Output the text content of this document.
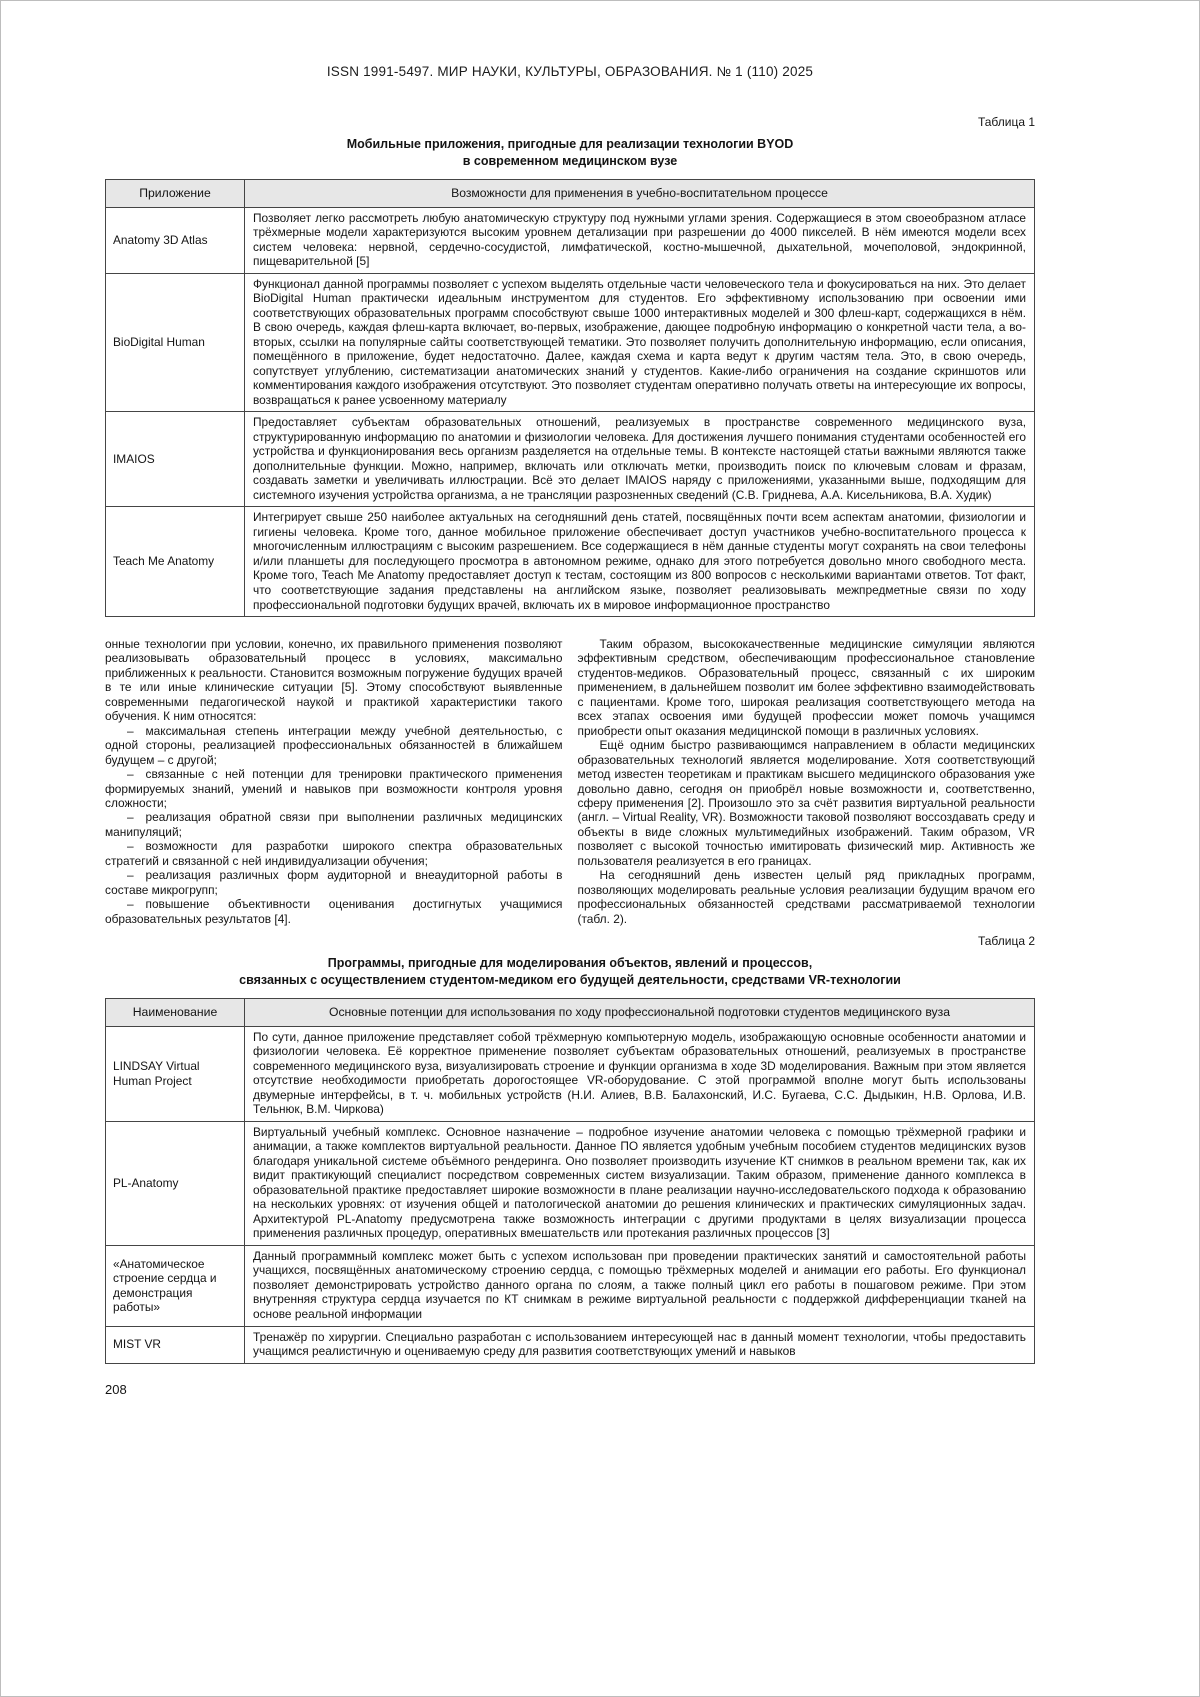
ISSN 1991-5497. МИР НАУКИ, КУЛЬТУРЫ, ОБРАЗОВАНИЯ. № 1 (110) 2025
Таблица 1
Мобильные приложения, пригодные для реализации технологии BYOD
в современном медицинском вузе
Приложение	Возможности для применения в учебно-воспитательном процессе
Anatomy 3D Atlas	Позволяет легко рассмотреть любую анатомическую структуру под нужными углами зрения. Содержащиеся в этом своеобразном атласе трёхмерные модели характеризуются высоким уровнем детализации при разрешении до 4000 пикселей. В нём имеются модели всех систем человека: нервной, сердечно-сосудистой, лимфатической, костно-мышечной, дыхательной, мочеполовой, эндокринной, пищеварительной [5]
BioDigital Human	Функционал данной программы позволяет с успехом выделять отдельные части человеческого тела и фокусироваться на них. Это делает BioDigital Human практически идеальным инструментом для студентов. Его эффективному использованию при освоении ими соответствующих образовательных программ способствуют свыше 1000 интерактивных моделей и 300 флеш-карт, содержащихся в нём. В свою очередь, каждая флеш-карта включает, во-первых, изображение, дающее подробную информацию о конкретной части тела, а во-вторых, ссылки на популярные сайты соответствующей тематики. Это позволяет получить дополнительную информацию, если описания, помещённого в приложение, будет недостаточно. Далее, каждая схема и карта ведут к другим частям тела. Это, в свою очередь, сопутствует углублению, систематизации анатомических знаний у студентов. Какие-либо ограничения на создание скриншотов или комментирования каждого изображения отсутствуют. Это позволяет студентам оперативно получать ответы на интересующие их вопросы, возвращаться к ранее усвоенному материалу
IMAIOS	Предоставляет субъектам образовательных отношений, реализуемых в пространстве современного медицинского вуза, структурированную информацию по анатомии и физиологии человека. Для достижения лучшего понимания студентами особенностей его устройства и функционирования весь организм разделяется на отдельные темы. В контексте настоящей статьи важными являются также дополнительные функции. Можно, например, включать или отключать метки, производить поиск по ключевым словам и фразам, создавать заметки и увеличивать иллюстрации. Всё это делает IMAIOS наряду с приложениями, указанными выше, подходящим для системного изучения устройства организма, а не трансляции разрозненных сведений (С.В. Гриднева, А.А. Кисельникова, В.А. Худик)
Teach Me Anatomy	Интегрирует свыше 250 наиболее актуальных на сегодняшний день статей, посвящённых почти всем аспектам анатомии, физиологии и гигиены человека. Кроме того, данное мобильное приложение обеспечивает доступ участников учебно-воспитательного процесса к многочисленным иллюстрациям с высоким разрешением. Все содержащиеся в нём данные студенты могут сохранять на свои телефоны и/или планшеты для последующего просмотра в автономном режиме, однако для этого потребуется довольно много свободного места. Кроме того, Teach Me Anatomy предоставляет доступ к тестам, состоящим из 800 вопросов с несколькими вариантами ответов. Тот факт, что соответствующие задания представлены на английском языке, позволяет реализовывать межпредметные связи по ходу профессиональной подготовки будущих врачей, включать их в мировое информационное пространство

онные технологии при условии, конечно, их правильного применения позволяют реализовывать образовательный процесс в условиях, максимально приближенных к реальности. Становится возможным погружение будущих врачей в те или иные клинические ситуации [5]. Этому способствуют выявленные современными педагогической наукой и практикой характеристики такого обучения. К ним относятся:

– максимальная степень интеграции между учебной деятельностью, с одной стороны, реализацией профессиональных обязанностей в ближайшем будущем – с другой;

– связанные с ней потенции для тренировки практического применения формируемых знаний, умений и навыков при возможности контроля уровня сложности;

– реализация обратной связи при выполнении различных медицинских манипуляций;

– возможности для разработки широкого спектра образовательных стратегий и связанной с ней индивидуализации обучения;

– реализация различных форм аудиторной и внеаудиторной работы в составе микрогрупп;

– повышение объективности оценивания достигнутых учащимися образовательных результатов [4].

Таким образом, высококачественные медицинские симуляции являются эффективным средством, обеспечивающим профессиональное становление студентов-медиков. Образовательный процесс, связанный с их широким применением, в дальнейшем позволит им более эффективно взаимодействовать с пациентами. Кроме того, широкая реализация соответствующего метода на всех этапах освоения ими будущей профессии может помочь учащимся приобрести опыт оказания медицинской помощи в различных условиях.

Ещё одним быстро развивающимся направлением в области медицинских образовательных технологий является моделирование. Хотя соответствующий метод известен теоретикам и практикам высшего медицинского образования уже довольно давно, сегодня он приобрёл новые возможности и, соответственно, сферу применения [2]. Произошло это за счёт развития виртуальной реальности (англ. – Virtual Reality, VR). Возможности таковой позволяют воссоздавать среду и объекты в виде сложных мультимедийных изображений. Таким образом, VR позволяет с высокой точностью имитировать физический мир. Активность же пользователя реализуется в его границах.

На сегодняшний день известен целый ряд прикладных программ, позволяющих моделировать реальные условия реализации будущим врачом его профессиональных обязанностей средствами рассматриваемой технологии (табл. 2).

Таблица 2
Программы, пригодные для моделирования объектов, явлений и процессов,
связанных с осуществлением студентом-медиком его будущей деятельности, средствами VR-технологии
Наименование	Основные потенции для использования по ходу профессиональной подготовки студентов медицинского вуза
LINDSAY Virtual Human Project	По сути, данное приложение представляет собой трёхмерную компьютерную модель, изображающую основные особенности анатомии и физиологии человека. Её корректное применение позволяет субъектам образовательных отношений, реализуемых в пространстве современного медицинского вуза, визуализировать строение и функции организма в ходе 3D моделирования. Важным при этом является отсутствие необходимости приобретать дорогостоящее VR-оборудование. С этой программой вполне могут быть использованы двумерные интерфейсы, в т. ч. мобильных устройств (Н.И. Алиев, В.В. Балахонский, И.С. Бугаева, С.С. Дыдыкин, Н.В. Орлова, И.В. Тельнюк, В.М. Чиркова)
PL-Anatomy	Виртуальный учебный комплекс. Основное назначение – подробное изучение анатомии человека с помощью трёхмерной графики и анимации, а также комплектов виртуальной реальности. Данное ПО является удобным учебным пособием студентов медицинских вузов благодаря уникальной системе объёмного рендеринга. Оно позволяет производить изучение КТ снимков в реальном времени так, как их видит практикующий специалист посредством современных систем визуализации. Таким образом, применение данного комплекса в образовательной практике предоставляет широкие возможности в плане реализации научно-исследовательского подхода к образованию на нескольких уровнях: от изучения общей и патологической анатомии до решения клинических и практических симуляционных задач. Архитектурой PL-Anatomy предусмотрена также возможность интеграции с другими продуктами в целях визуализации процесса применения различных процедур, оперативных вмешательств или протекания различных процессов [3]
«Анатомическое строение сердца и демонстрация работы»	Данный программный комплекс может быть с успехом использован при проведении практических занятий и самостоятельной работы учащихся, посвящённых анатомическому строению сердца, с помощью трёхмерных моделей и анимации его работы. Его функционал позволяет демонстрировать устройство данного органа по слоям, а также полный цикл его работы в пошаговом режиме. При этом внутренняя структура сердца изучается по КТ снимкам в режиме виртуальной реальности с поддержкой дифференциации тканей на основе реальной информации
MIST VR	Тренажёр по хирургии. Специально разработан с использованием интересующей нас в данный момент технологии, чтобы предоставить учащимся реалистичную и оцениваемую среду для развития соответствующих умений и навыков
208
